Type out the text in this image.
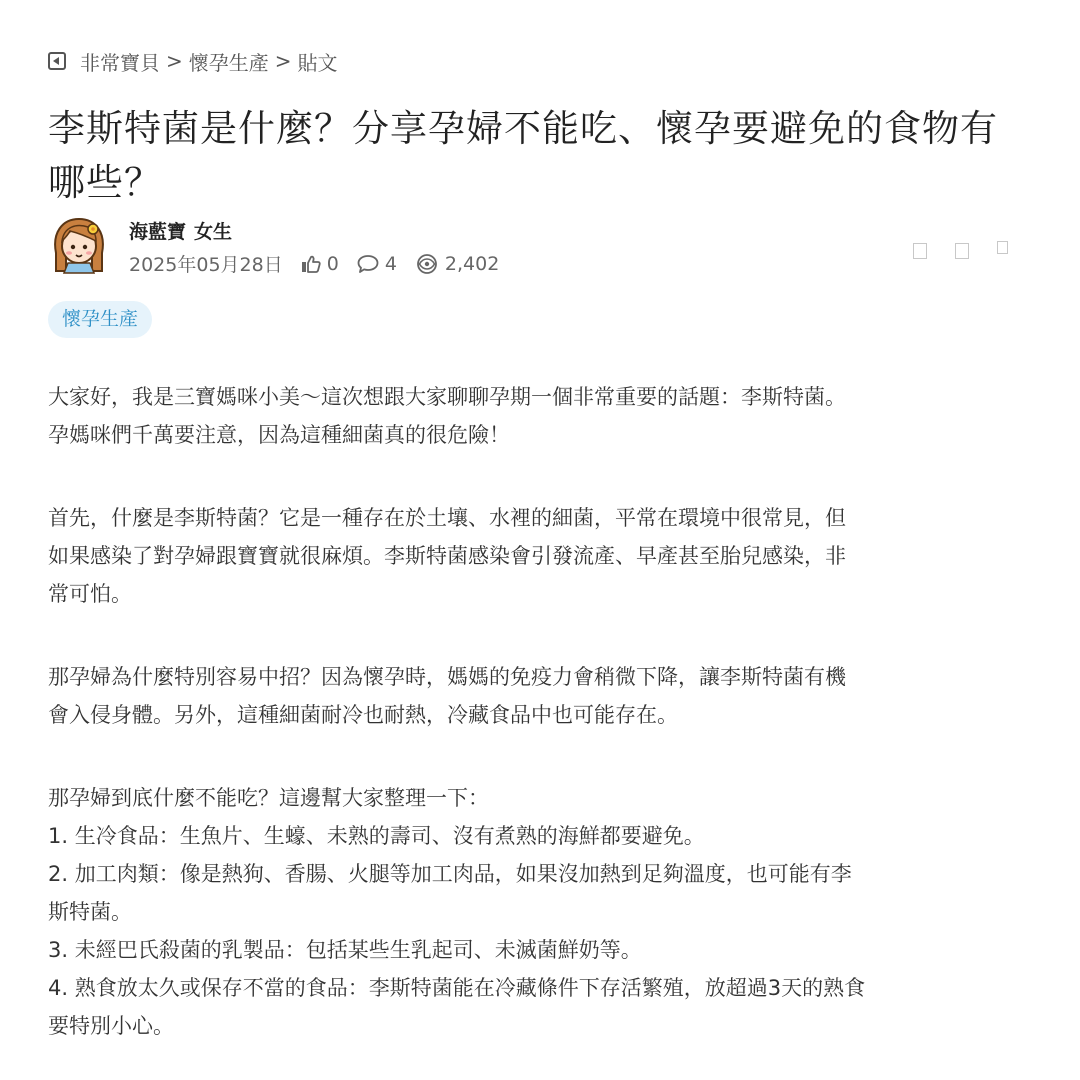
非常寶貝 > 懷孕生產 > 貼文
李斯特菌是什麼？分享孕婦不能吃、懷孕要避免的食物有
哪些？
海藍寶 女生
2025年05月28日 0 4	2,402
懷孕生產

大家好，我是三寶媽咪小美～這次想跟大家聊聊孕期一個非常重要的話題：李斯特菌。
孕媽咪們千萬要注意，因為這種細菌真的很危險！

首先，什麼是李斯特菌？它是一種存在於土壤、水裡的細菌，平常在環境中很常見，但
如果感染了對孕婦跟寶寶就很麻煩。李斯特菌感染會引發流產、早產甚至胎兒感染，非
常可怕。

那孕婦為什麼特別容易中招？因為懷孕時，媽媽的免疫力會稍微下降，讓李斯特菌有機
會入侵身體。另外，這種細菌耐冷也耐熱，冷藏食品中也可能存在。

那孕婦到底什麼不能吃？這邊幫大家整理一下：
1. 生冷食品：生魚片、生蠔、未熟的壽司、沒有煮熟的海鮮都要避免。
2. 加工肉類：像是熱狗、香腸、火腿等加工肉品，如果沒加熱到足夠溫度，也可能有李
斯特菌。
3. 未經巴氏殺菌的乳製品：包括某些生乳起司、未滅菌鮮奶等。
4. 熟食放太久或保存不當的食品：李斯特菌能在冷藏條件下存活繁殖，放超過3天的熟食
要特別小心。
